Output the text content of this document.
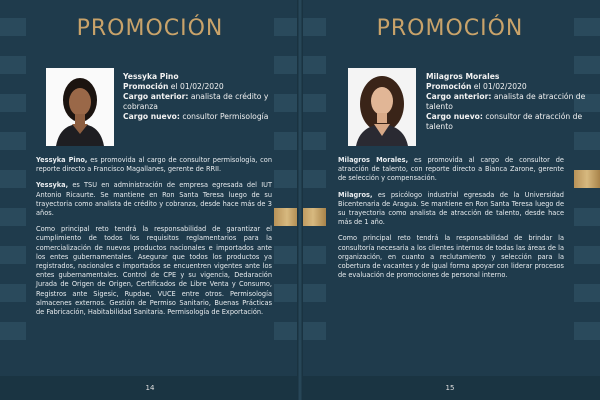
PROMOCIÓN
Yessyka Pino
Promoción el 01/02/2020
Cargo anterior: analista de crédito y cobranza
Cargo nuevo: consultor Permisología

Yessyka Pino, es promovida al cargo de consultor permisología, con reporte directo a Francisco Magallanes, gerente de RRII.

Yessyka, es TSU en administración de empresa egresada del IUT Antonio Ricaurte. Se mantiene en Ron Santa Teresa luego de su trayectoria como analista de crédito y cobranza, desde hace más de 3 años.

Como principal reto tendrá la responsabilidad de garantizar el cumplimiento de todos los requisitos reglamentarios para la comercialización de nuevos productos nacionales e importados ante los entes gubernamentales. Asegurar que todos los productos ya registrados, nacionales e importados se encuentren vigentes ante los entes gubernamentales. Control de CPE y su vigencia, Dedaración Jurada de Origen de Origen, Certificados de Libre Venta y Consumo, Registros ante Sigesic, Rupdae, VUCE entre otros. Permisología almacenes externos. Gestión de Permiso Sanitario, Buenas Prácticas de Fabricación, Habitabilidad Sanitaria. Permisología de Exportación.

14
PROMOCIÓN
Milagros Morales
Promoción el 01/02/2020
Cargo anterior: analista de atracción de talento
Cargo nuevo: consultor de atracción de talento

Milagros Morales, es promovida al cargo de consultor de atracción de talento, con reporte directo a Bianca Zarone, gerente de selección y compensación.

Milagros, es psicólogo industrial egresada de la Universidad Bicentenaria de Aragua. Se mantiene en Ron Santa Teresa luego de su trayectoria como analista de atracción de talento, desde hace más de 1 año.

Como principal reto tendrá la responsabilidad de brindar la consultoría necesaria a los clientes internos de todas las áreas de la organización, en cuanto a reclutamiento y selección para la cobertura de vacantes y de igual forma apoyar con liderar procesos de evaluación de promociones de personal interno.

15
